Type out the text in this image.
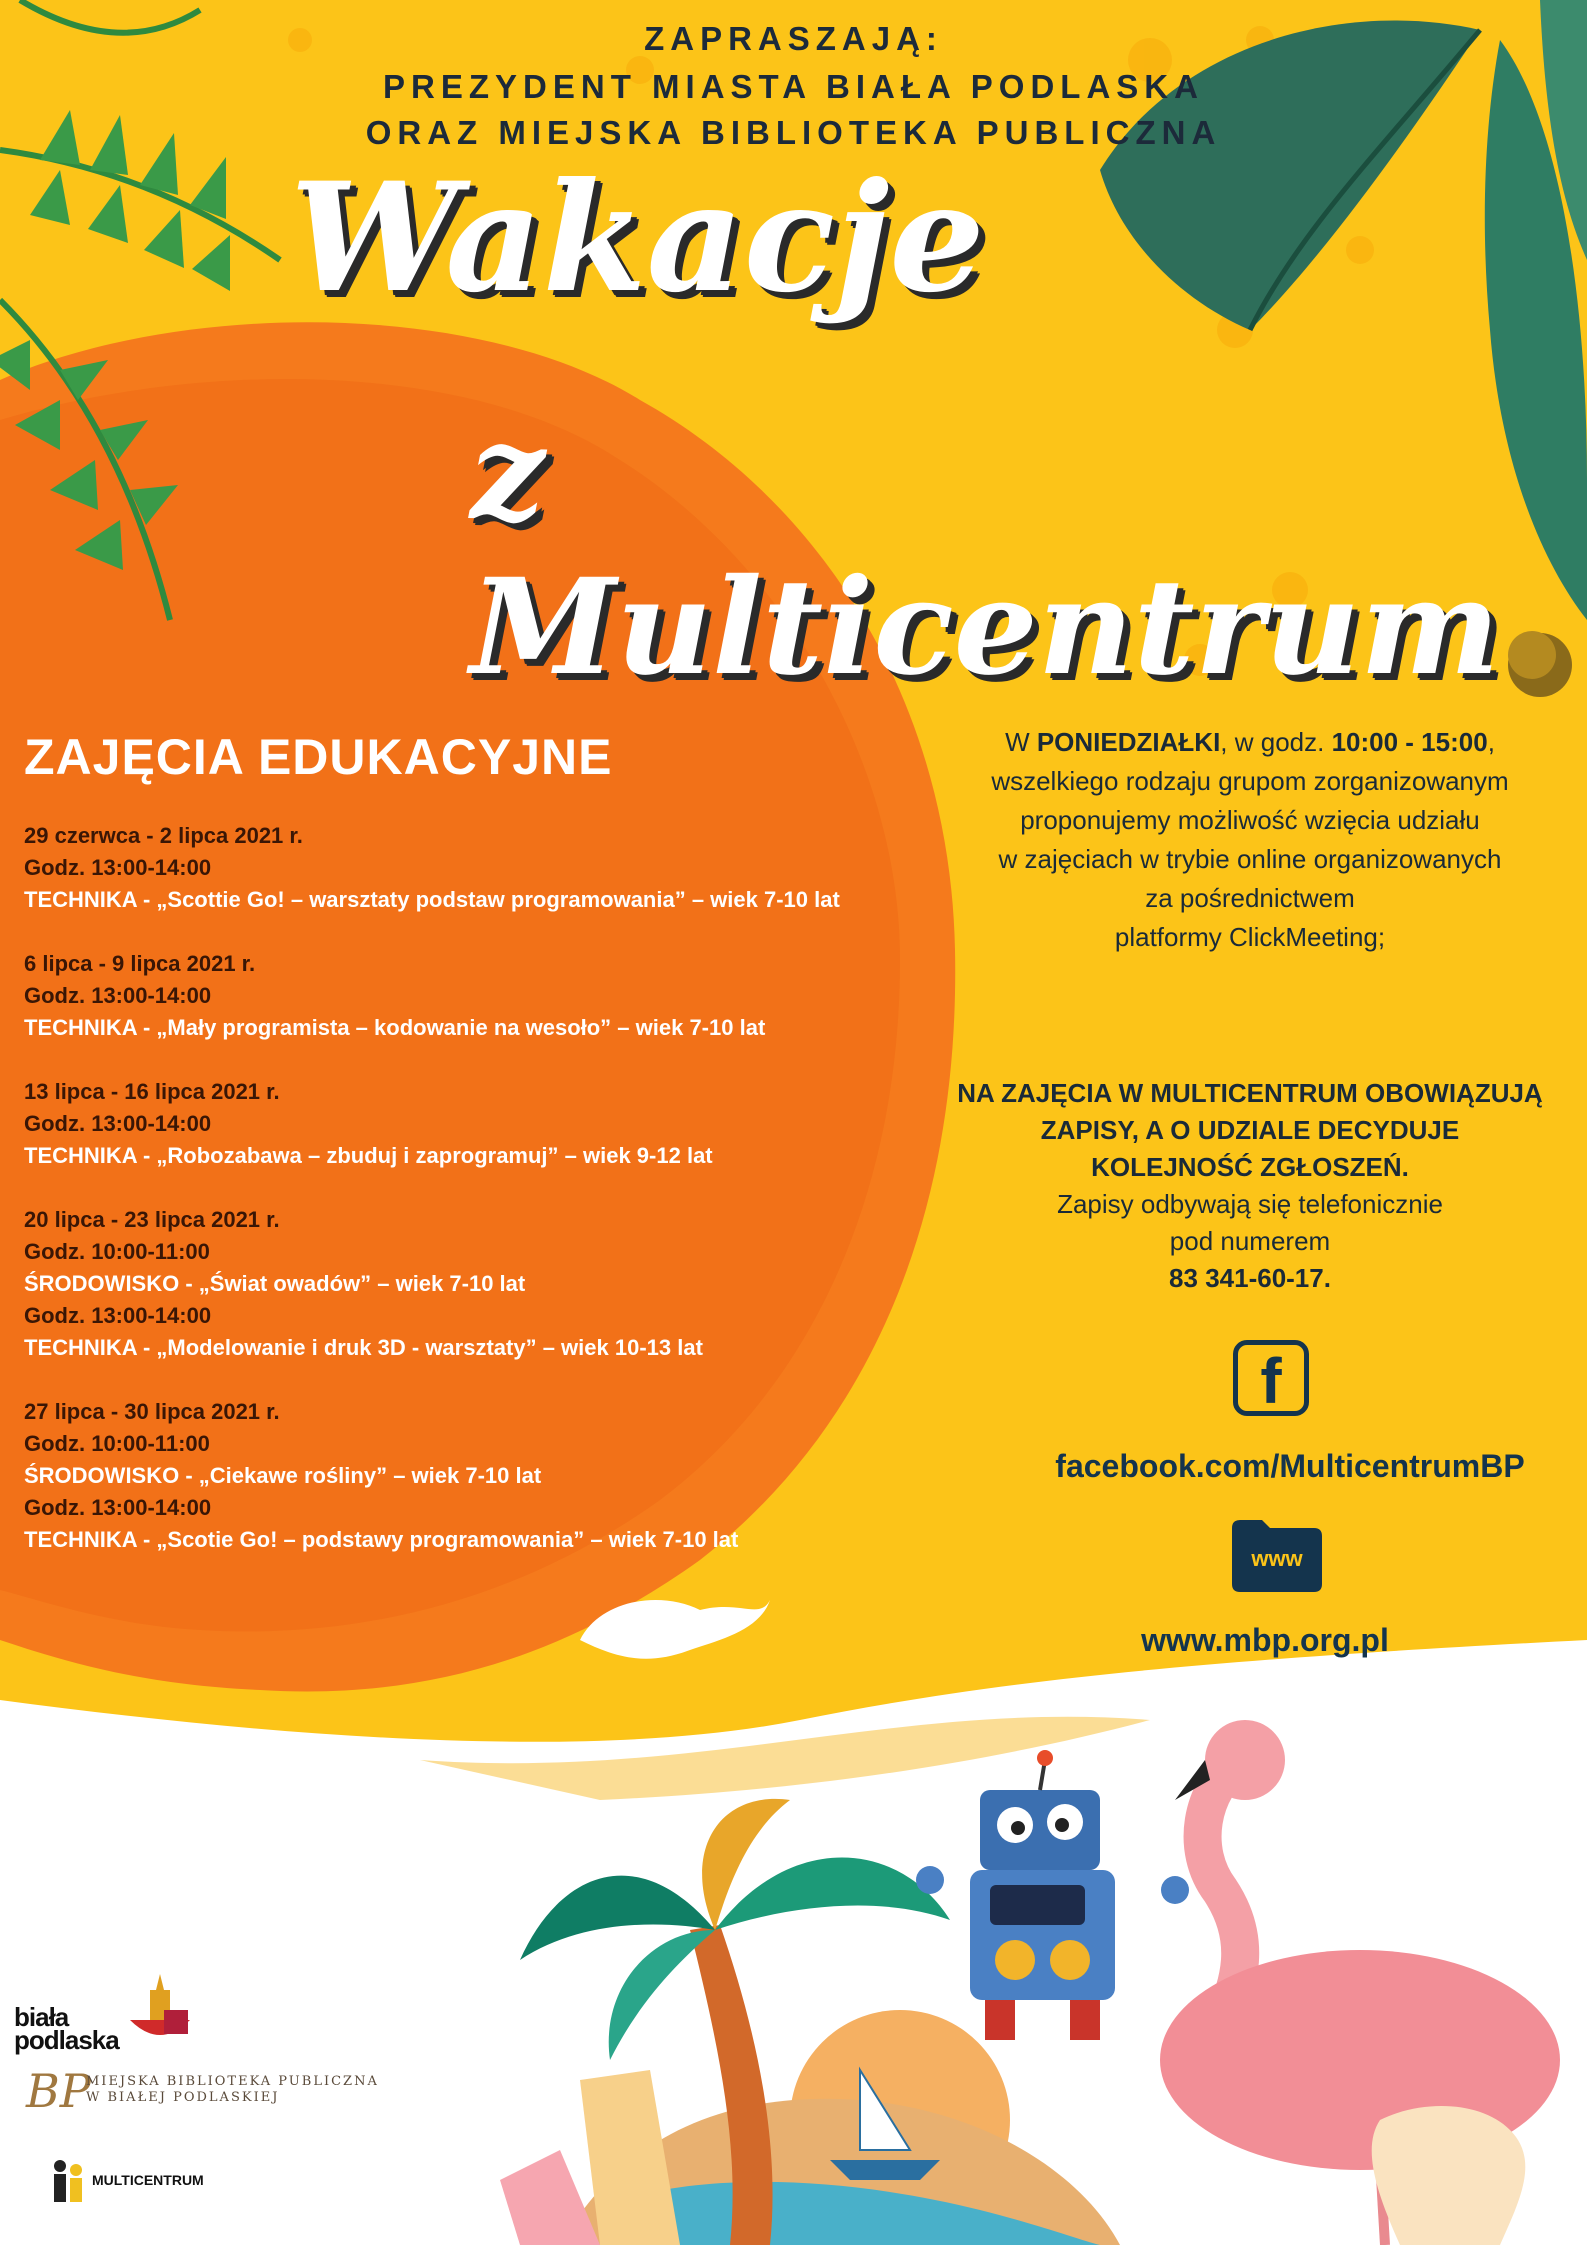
ZAPRASZAJĄ:
PREZYDENT MIASTA BIAŁA PODLASKA
ORAZ MIEJSKA BIBLIOTEKA PUBLICZNA
Wakacje
z Multicentrum
ZAJĘCIA EDUKACYJNE
29 czerwca - 2 lipca 2021 r.
Godz. 13:00-14:00
TECHNIKA - „Scottie Go! – warsztaty podstaw programowania” – wiek 7-10 lat
6 lipca - 9 lipca 2021 r.
Godz. 13:00-14:00
TECHNIKA - „Mały programista – kodowanie na wesoło” – wiek 7-10 lat
13 lipca - 16 lipca 2021 r.
Godz. 13:00-14:00
TECHNIKA - „Robozabawa – zbuduj i zaprogramuj” – wiek 9-12 lat
20 lipca - 23 lipca 2021 r.
Godz. 10:00-11:00
ŚRODOWISKO - „Świat owadów” – wiek 7-10 lat
Godz. 13:00-14:00
TECHNIKA - „Modelowanie i druk 3D - warsztaty” – wiek 10-13 lat
27 lipca - 30 lipca 2021 r.
Godz. 10:00-11:00
ŚRODOWISKO - „Ciekawe rośliny” – wiek 7-10 lat
Godz. 13:00-14:00
TECHNIKA - „Scotie Go! – podstawy programowania” – wiek 7-10 lat
W PONIEDZIAŁKI, w godz. 10:00 - 15:00,
wszelkiego rodzaju grupom zorganizowanym
proponujemy możliwość wzięcia udziału
w zajęciach w trybie online organizowanych
za pośrednictwem
platformy ClickMeeting;
NA ZAJĘCIA W MULTICENTRUM OBOWIĄZUJĄ
ZAPISY, A O UDZIALE DECYDUJE
KOLEJNOŚĆ ZGŁOSZEŃ.
Zapisy odbywają się telefonicznie
pod numerem
83 341-60-17.
f
facebook.com/MulticentrumBP
www
www.mbp.org.pl
ZAPRASZAMY!
biała
podlaska
BP
MIEJSKA BIBLIOTEKA PUBLICZNA
W BIAŁEJ PODLASKIEJ
MULTICENTRUM
